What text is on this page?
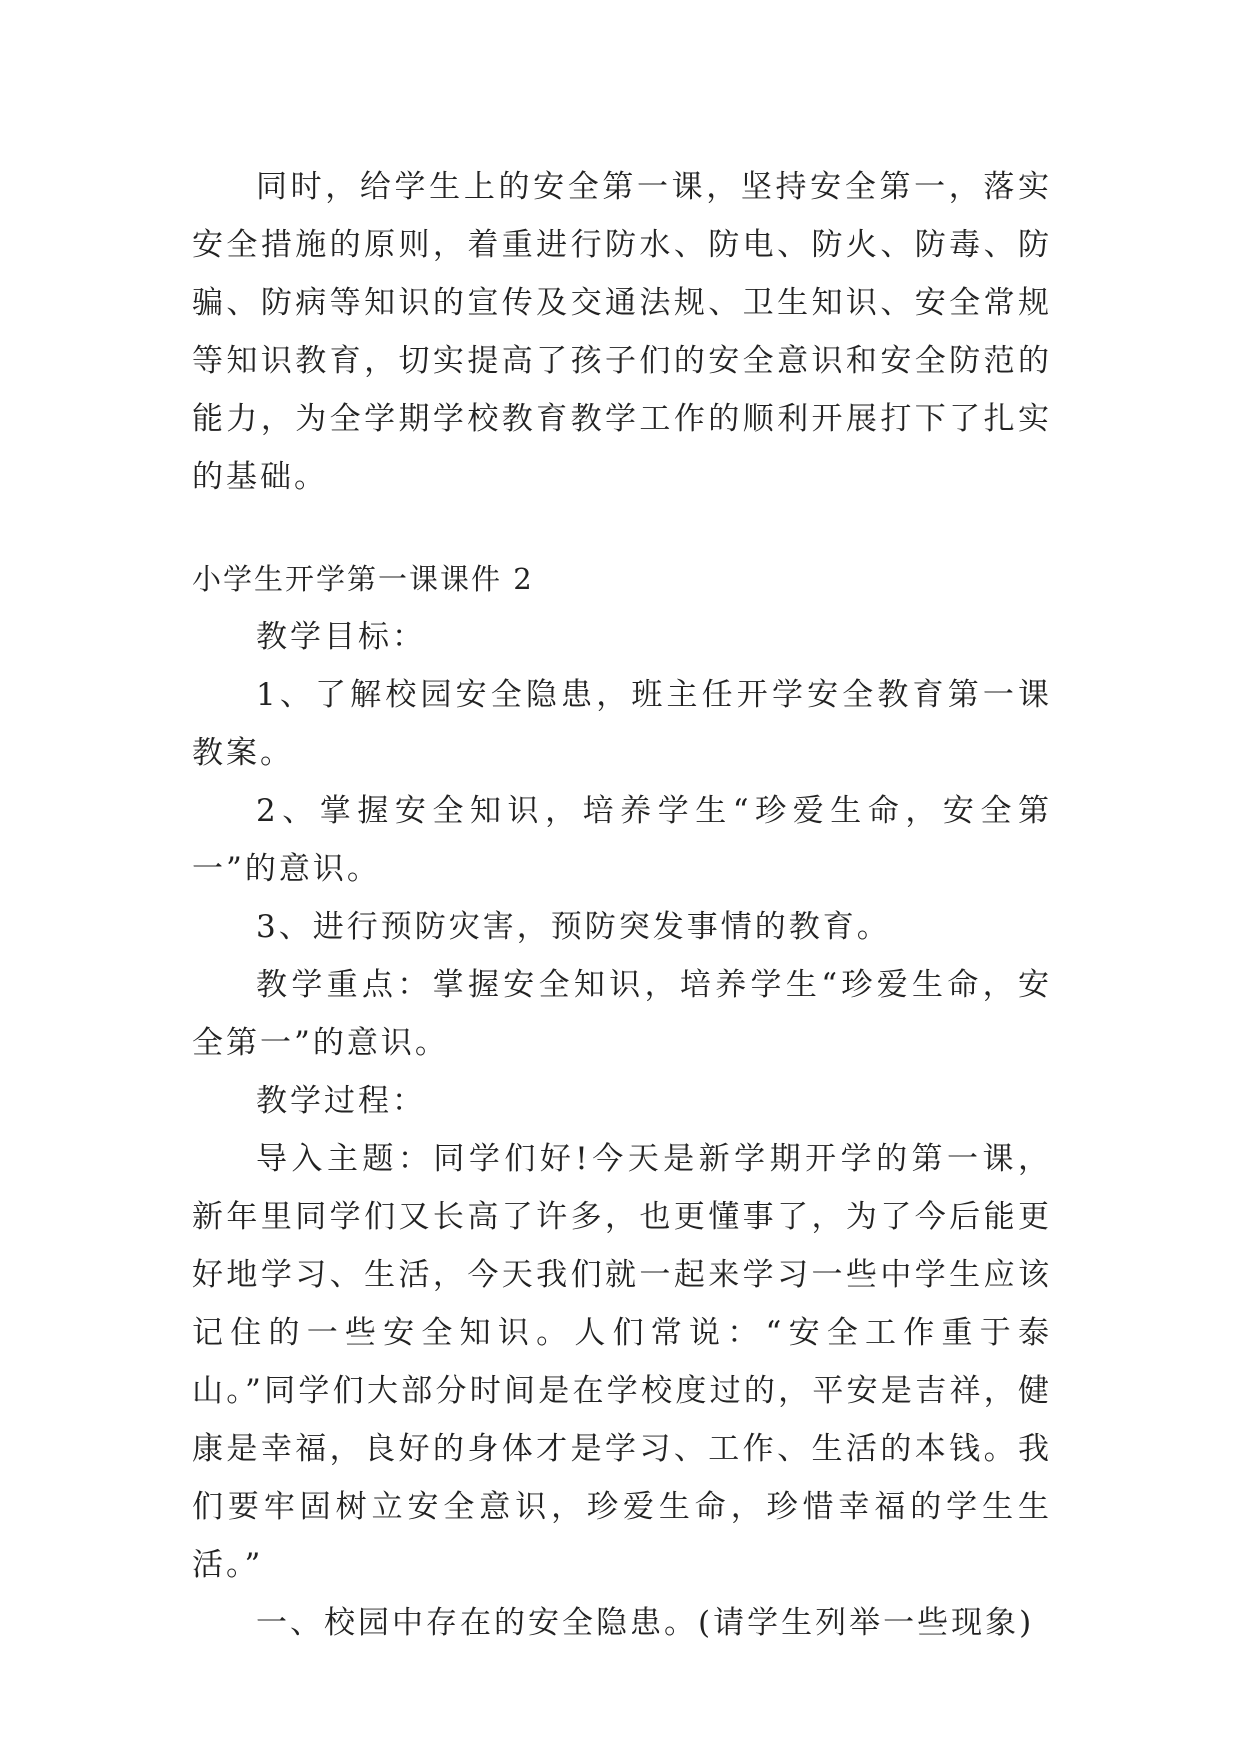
同时，给学生上的安全第一课，坚持安全第一，落实安全措施的原则，着重进行防水、防电、防火、防毒、防骗、防病等知识的宣传及交通法规、卫生知识、安全常规等知识教育，切实提高了孩子们的安全意识和安全防范的能力，为全学期学校教育教学工作的顺利开展打下了扎实的基础。

小学生开学第一课课件 2

教学目标：

1、了解校园安全隐患，班主任开学安全教育第一课教案。

2、掌握安全知识，培养学生“珍爱生命，安全第一”的意识。

3、进行预防灾害，预防突发事情的教育。

教学重点：掌握安全知识，培养学生“珍爱生命，安全第一”的意识。

教学过程：

导入主题：同学们好!今天是新学期开学的第一课，新年里同学们又长高了许多，也更懂事了，为了今后能更好地学习、生活，今天我们就一起来学习一些中学生应该记住的一些安全知识。人们常说：“安全工作重于泰山。”同学们大部分时间是在学校度过的，平安是吉祥，健康是幸福，良好的身体才是学习、工作、生活的本钱。我们要牢固树立安全意识，珍爱生命，珍惜幸福的学生生活。”

一、校园中存在的安全隐患。(请学生列举一些现象)
